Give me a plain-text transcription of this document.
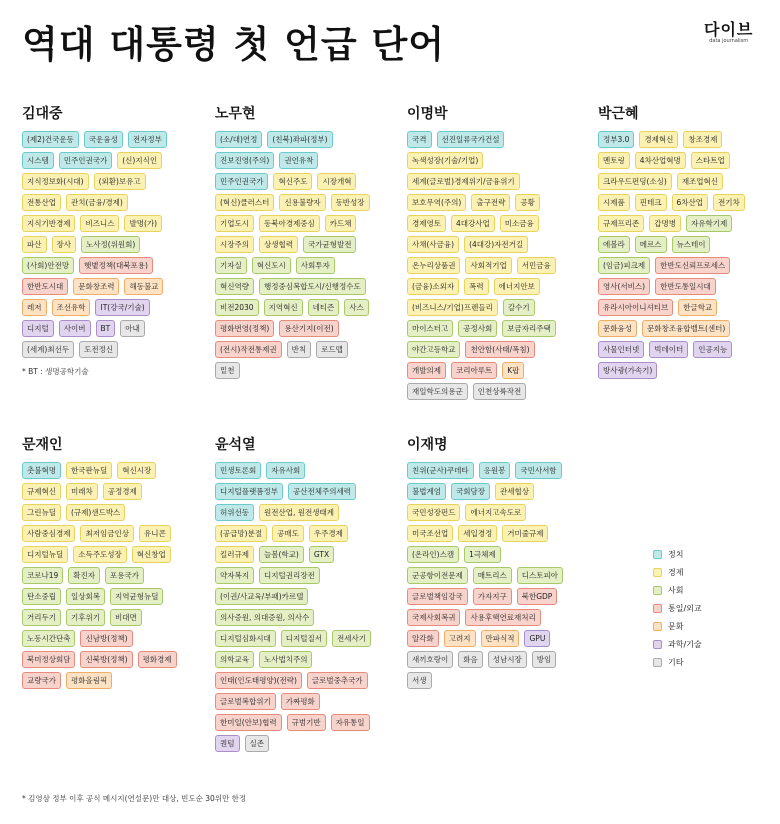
역대 대통령 첫 언급 단어	다이브
data journalism
김대중
(제2)건국운동	국운융성	전자정부
시스템	민주인권국가	(신)지식인
지식정보화(시대)	(외환)보유고
전통산업	관치(금융/경제)
지식기반경제	비즈니스	발명(가)
파산	장사	노사정(위원회)
(사회)안전망	햇볕정책(대북포용)
한반도시대	문화창조력	해동불교
레저	조선유학	IT(강국/기술)
디지털	사이버	BT	아내
(세계)최선두	도전정신
* BT : 생명공학기술
노무현
(소/대)연정	(친북)좌파(정부)
진보진영(주의)	권언유착
민주인권국가	혁신주도	시장개혁
(혁신)클러스터	신용불량자	동반성장
기업도시	동북아경제중심	카드채
시장주의	상생협력	국가균형발전
기자실	혁신도시	사회투자
혁신역량	행정중심복합도시/신행정수도
비전2030	지역혁신	네티즌	사스
평화번영(정책)	용산기지(이전)
(전시)작전통제권	반칙	로드맵
밑천
이명박
국격	선진일류국가건설
녹색성장(기술/기업)
세계(글로벌)경제위기/금융위기
보호무역(주의)	출구전략	공황
경제영토	4대강사업	미소금융
사채(사금융)	(4대강)자전거길
온누리상품권	사회적기업	서민금융
(금융)소외자	폭력	에너지안보
(비즈니스/기업)프렌들리	갈수기
마이스터고	공정사회	보금자리주택
야간고등학교	천안함(사태/폭침)
개발의제	코리아루트	K팝
재일학도의용군	인천상륙작전
박근혜
정부3.0	경제혁신	창조경제
멘토링	4차산업혁명	스타트업
크라우드펀딩(소싱)	재조업혁신
시제품	핀테크	6차산업	전기차
규제프리존	갑명병	자유학기제
에볼라	메르스	뉴스테이
(임금)피크제	한반도신뢰프로세스
영사(서비스)	한반도통일시대
유라시아이니셔티브	한글학교
문화융성	문화창조융합벨트(센터)
사물인터넷	빅데이터	인공지능
방사광(가속기)
문재인
촛불혁명	한국판뉴딜	혁신시장
규제혁신	미래차	공정경제
그린뉴딜	(규제)샌드박스
사람중심경제	최저임금인상	유니콘
디지털뉴딜	소득주도성장	혁신창업
코로나19	확진자	포용국가
탄소중립	일상회복	지역균형뉴딜
거리두기	기후위기	비대면
노동시간단축	신남방(정책)
북미정상회담	신북방(정책)	평화경제
교량국가	평화올림픽
윤석열
민생토론회	자유사회
디지털플랫폼정부	공산전체주의세력
허위선동	원전산업, 원전생태계
(공급망)분절	공매도	우주경제
킬러규제	늘봄(학교)	GTX
약자복지	디지털권리장전
(이권/사교육/부패)카르텔
의사증원, 의대증원, 의사수
디지털심화시대	디지털질서	전세사기
의학교육	노사법치주의
인태(인도태평양)(전략)	글로벌중추국가
글로벌복합위기	가짜평화
한미일(안보)협력	규범기반	자유통일
퀀텀	실존
이재명
친위(군사)쿠데타	응원봉	국민사서함
불법계엄	국회담장	관세협상
국민성장펀드	에너지고속도로
미국조선업	세입경정	거미줄규제
(온라인)스캠	1극체제
군공항이전문제	매트리스	디스토피아
글로벌책임강국	가자지구	북한GDP
국제사회복귀	사용후핵연료재처리
알각화	고려지	만파식적	GPU
새끼호랑이	화음	성남시장	방임
서생
정치
경제
사회
통일/외교
문화
과학/기술
기타
* 김영삼 정부 이후 공식 메시지(연설문)만 대상, 빈도순 30위만 한정
